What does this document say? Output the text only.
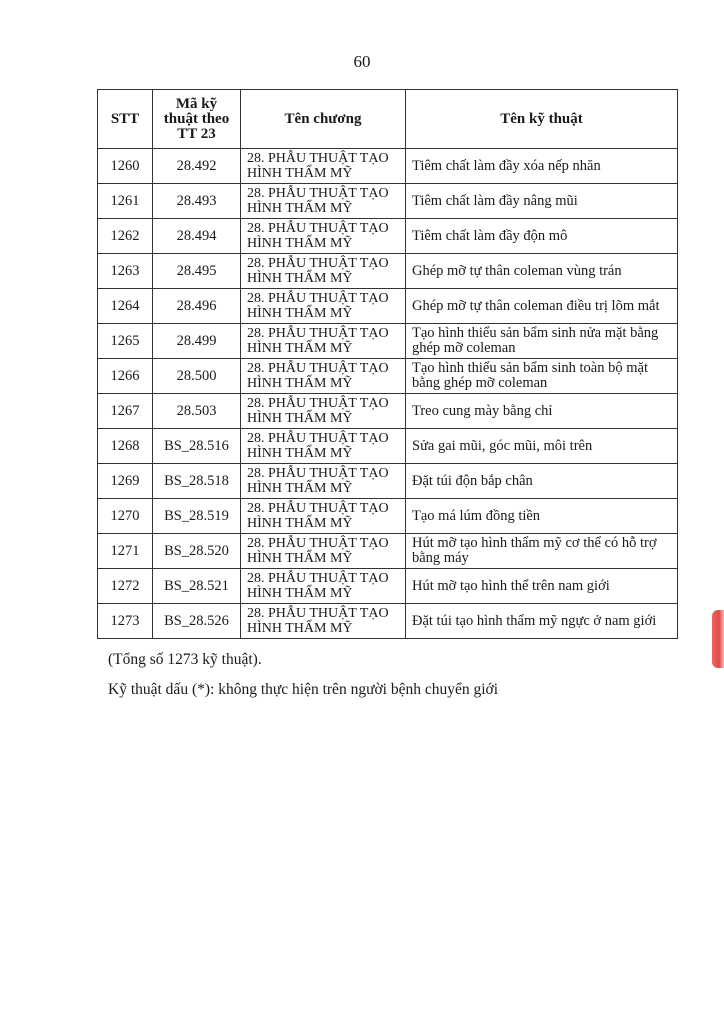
60
STT	Mã kỹ thuật theo TT 23	Tên chương	Tên kỹ thuật
1260	28.492	28. PHẪU THUẬT TẠO HÌNH THẨM MỸ	Tiêm chất làm đầy xóa nếp nhăn
1261	28.493	28. PHẪU THUẬT TẠO HÌNH THẨM MỸ	Tiêm chất làm đầy nâng mũi
1262	28.494	28. PHẪU THUẬT TẠO HÌNH THẨM MỸ	Tiêm chất làm đầy độn mô
1263	28.495	28. PHẪU THUẬT TẠO HÌNH THẨM MỸ	Ghép mỡ tự thân coleman vùng trán
1264	28.496	28. PHẪU THUẬT TẠO HÌNH THẨM MỸ	Ghép mỡ tự thân coleman điều trị lõm mắt
1265	28.499	28. PHẪU THUẬT TẠO HÌNH THẨM MỸ	Tạo hình thiểu sản bẩm sinh nửa mặt bằng ghép mỡ coleman
1266	28.500	28. PHẪU THUẬT TẠO HÌNH THẨM MỸ	Tạo hình thiểu sản bẩm sinh toàn bộ mặt bằng ghép mỡ coleman
1267	28.503	28. PHẪU THUẬT TẠO HÌNH THẨM MỸ	Treo cung mày bằng chỉ
1268	BS_28.516	28. PHẪU THUẬT TẠO HÌNH THẨM MỸ	Sửa gai mũi, góc mũi, môi trên
1269	BS_28.518	28. PHẪU THUẬT TẠO HÌNH THẨM MỸ	Đặt túi độn bắp chân
1270	BS_28.519	28. PHẪU THUẬT TẠO HÌNH THẨM MỸ	Tạo má lúm đồng tiền
1271	BS_28.520	28. PHẪU THUẬT TẠO HÌNH THẨM MỸ	Hút mỡ tạo hình thẩm mỹ cơ thể có hỗ trợ bằng máy
1272	BS_28.521	28. PHẪU THUẬT TẠO HÌNH THẨM MỸ	Hút mỡ tạo hình thể trên nam giới
1273	BS_28.526	28. PHẪU THUẬT TẠO HÌNH THẨM MỸ	Đặt túi tạo hình thẩm mỹ ngực ở nam giới
(Tổng số 1273 kỹ thuật).
Kỹ thuật dấu (*): không thực hiện trên người bệnh chuyển giới
